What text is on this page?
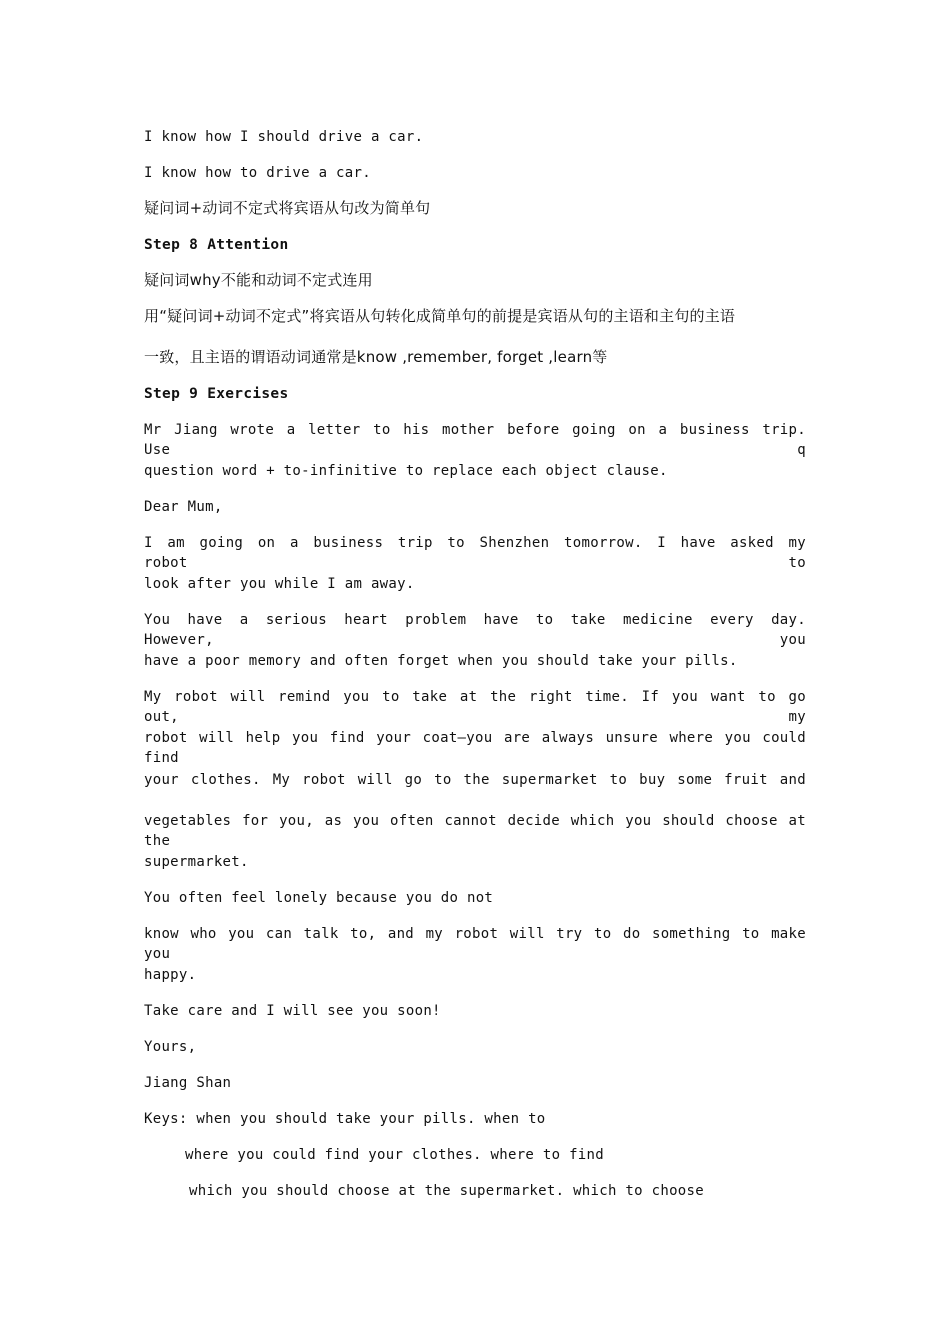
I know how I should drive a car.
I know how to drive a car.
疑问词+动词不定式将宾语从句改为简单句
Step 8 Attention
疑问词why不能和动词不定式连用
用“疑问词+动词不定式”将宾语从句转化成简单句的前提是宾语从句的主语和主句的主语
一致，且主语的谓语动词通常是know ,remember, forget ,learn等
Step 9 Exercises
Mr Jiang wrote a letter to his mother before going on a business trip. Use q
question word + to-infinitive to replace each object clause.
Dear Mum,
I am going on a business trip to Shenzhen tomorrow. I have asked my robot to
look after you while I am away.
You have a serious heart problem have to take medicine every day. However, you
have a poor memory and often forget when you should take your pills.
My robot will remind you to take at the right time. If you want to go out, my
robot will help you find your coat—you are always unsure where you could find
your clothes. My robot will go to the supermarket to buy some fruit and
vegetables for you, as you often cannot decide which you should choose at the
supermarket.
You often feel lonely because you do not
know who you can talk to, and my robot will try to do something to make you
happy.
Take care and I will see you soon!
Yours,
Jiang Shan
Keys: when you should take your pills. when to
where you could find your clothes. where to find
which you should choose at the supermarket. which to choose
